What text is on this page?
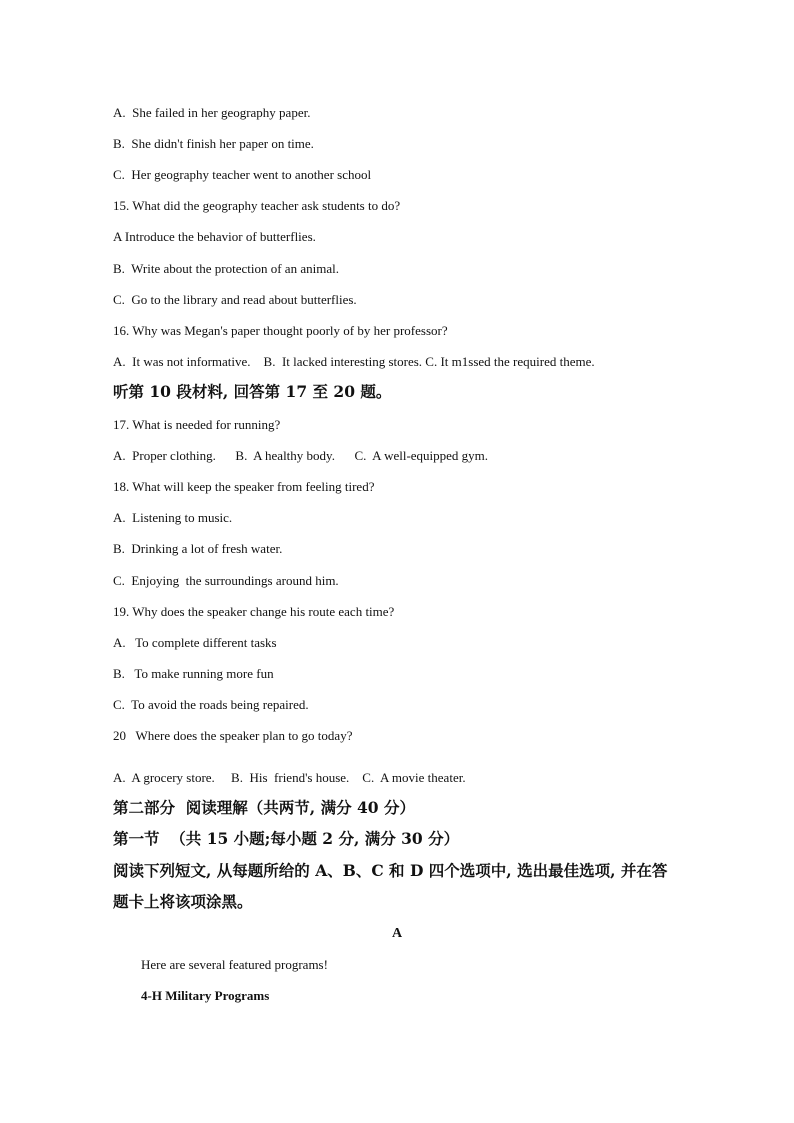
A.  She failed in her geography paper.
B.  She didn't finish her paper on time.
C.  Her geography teacher went to another school
15. What did the geography teacher ask students to do?
A Introduce the behavior of butterflies.
B.  Write about the protection of an animal.
C.  Go to the library and read about butterflies.
16. Why was Megan's paper thought poorly of by her professor?
A.  It was not informative.    B.  It lacked interesting stores. C. It m1ssed the required theme.
听第 10 段材料, 回答第 17 至 20 题。
17. What is needed for running?
A.  Proper clothing.      B.  A healthy body.      C.  A well-equipped gym.
18. What will keep the speaker from feeling tired?
A.  Listening to music.
B.  Drinking a lot of fresh water.
C.  Enjoying  the surroundings around him.
19. Why does the speaker change his route each time?
A.   To complete different tasks
B.   To make running more fun
C.  To avoid the roads being repaired.
20   Where does the speaker plan to go today?
A.  A grocery store.     B.  His  friend's house.    C.  A movie theater.
第二部分  阅读理解（共两节, 满分 40 分）
第一节  （共 15 小题;每小题 2 分, 满分 30 分）
阅读下列短文, 从每题所给的 A、B、C 和 D 四个选项中, 选出最佳选项, 并在答
题卡上将该项涂黑。
A
Here are several featured programs!
4-H Military Programs
